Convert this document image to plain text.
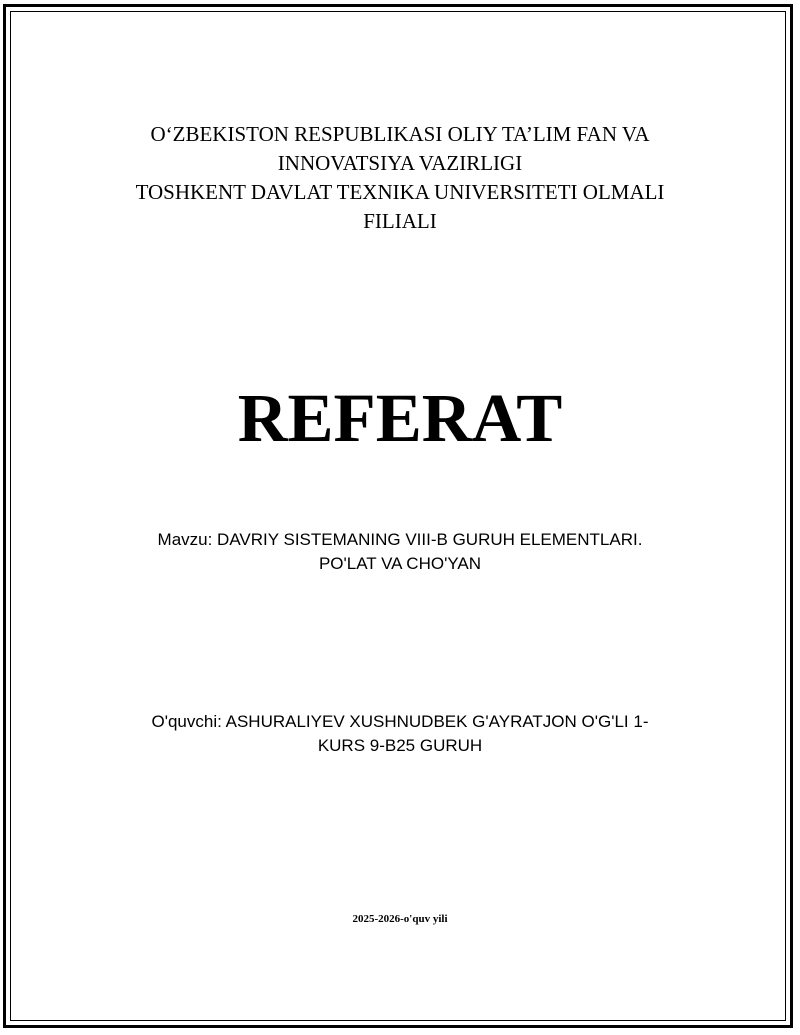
O‘ZBEKISTON RESPUBLIKASI OLIY TA’LIM FAN VA
INNOVATSIYA VAZIRLIGI
TOSHKENT DAVLAT TEXNIKA UNIVERSITETI OLMALI
FILIALI
REFERAT
Mavzu: DAVRIY SISTEMANING VIII-B GURUH ELEMENTLARI.
PO'LAT VA CHO'YAN
O'quvchi: ASHURALIYEV XUSHNUDBEK G'AYRATJON O'G'LI 1-
KURS 9-B25 GURUH
2025-2026-o'quv yili
